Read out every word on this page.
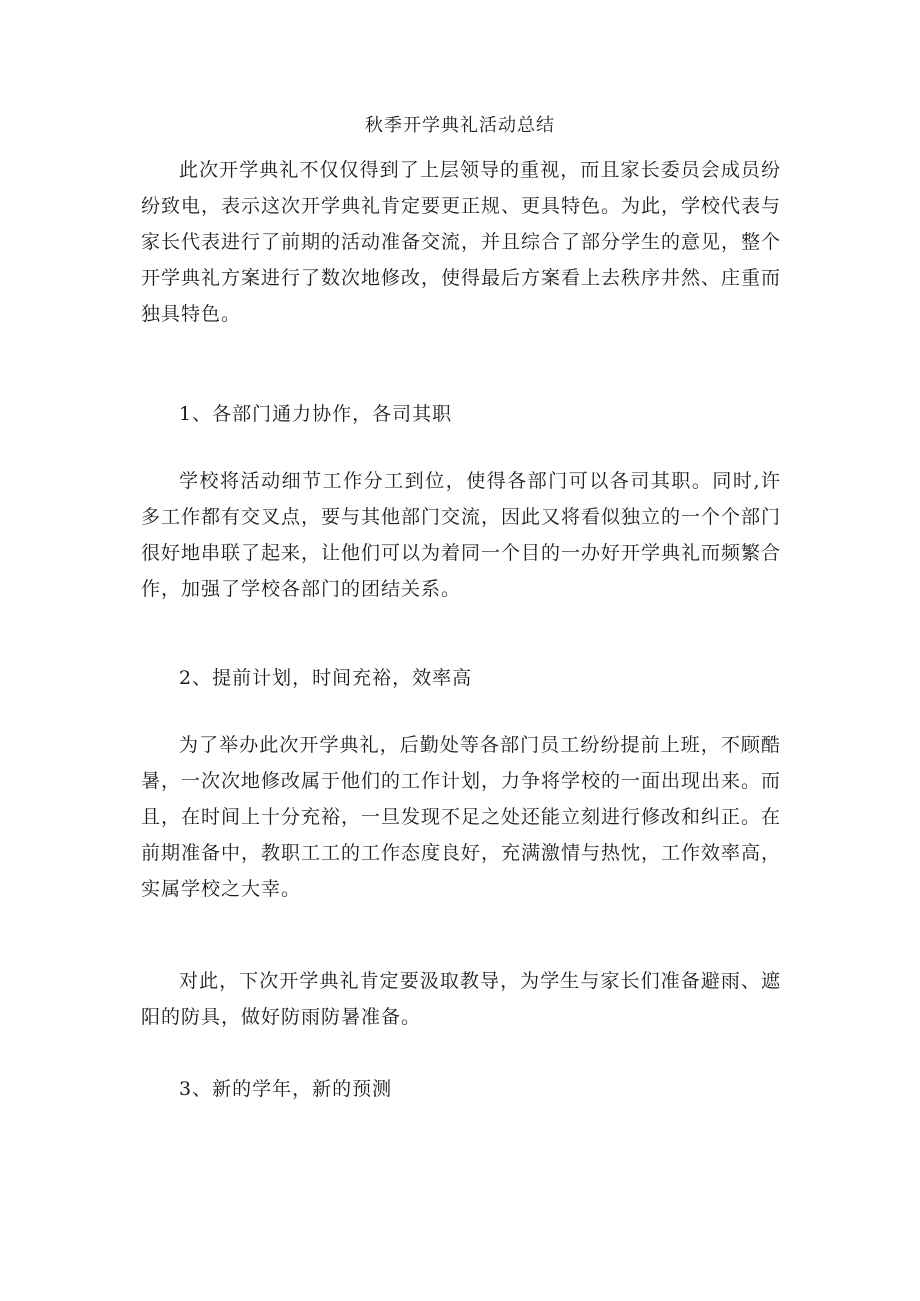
秋季开学典礼活动总结

此次开学典礼不仅仅得到了上层领导的重视，而且家长委员会成员纷纷致电，表示这次开学典礼肯定要更正规、更具特色。为此，学校代表与家长代表进行了前期的活动准备交流，并且综合了部分学生的意见，整个开学典礼方案进行了数次地修改，使得最后方案看上去秩序井然、庄重而独具特色。

1、各部门通力协作，各司其职

学校将活动细节工作分工到位，使得各部门可以各司其职。同时,许多工作都有交叉点，要与其他部门交流，因此又将看似独立的一个个部门很好地串联了起来，让他们可以为着同一个目的一办好开学典礼而频繁合作，加强了学校各部门的团结关系。

2、提前计划，时间充裕，效率高

为了举办此次开学典礼，后勤处等各部门员工纷纷提前上班，不顾酷暑，一次次地修改属于他们的工作计划，力争将学校的一面出现出来。而且，在时间上十分充裕，一旦发现不足之处还能立刻进行修改和纠正。在前期准备中，教职工工的工作态度良好，充满激情与热忱，工作效率高，实属学校之大幸。

对此，下次开学典礼肯定要汲取教导，为学生与家长们准备避雨、遮阳的防具，做好防雨防暑准备。

3、新的学年，新的预测
